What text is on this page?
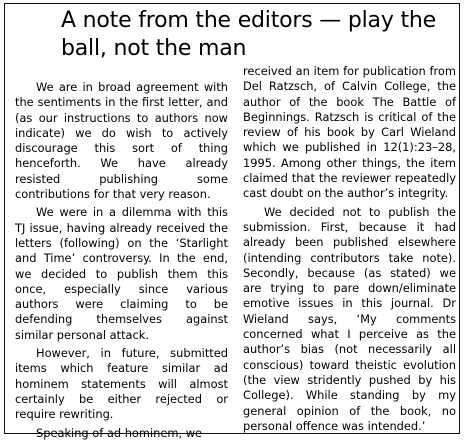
A note from the editors — play the ball, not the man

We are in broad agreement with the sentiments in the first letter, and (as our instructions to authors now indicate) we do wish to actively discourage this sort of thing henceforth. We have already resisted publishing some contributions for that very reason.

We were in a dilemma with this TJ issue, having already received the letters (following) on the ‘Starlight and Time’ controversy. In the end, we decided to publish them this once, especially since various authors were claiming to be defending themselves against similar personal attack.

However, in future, submitted items which feature similar ad hominem statements will almost certainly be either rejected or require rewriting.

Speaking of ad hominem, we

received an item for publication from Del Ratzsch, of Calvin College, the author of the book The Battle of Beginnings. Ratzsch is critical of the review of his book by Carl Wieland which we published in 12(1):23–28, 1995. Among other things, the item claimed that the reviewer repeatedly cast doubt on the author’s integrity.

We decided not to publish the submission. First, because it had already been published elsewhere (intending contributors take note). Secondly, because (as stated) we are trying to pare down/eliminate emotive issues in this journal. Dr Wieland says, ‘My comments concerned what I perceive as the author’s bias (not necessarily all conscious) toward theistic evolution (the view stridently pushed by his College). While standing by my general opinion of the book, no personal offence was intended.’
